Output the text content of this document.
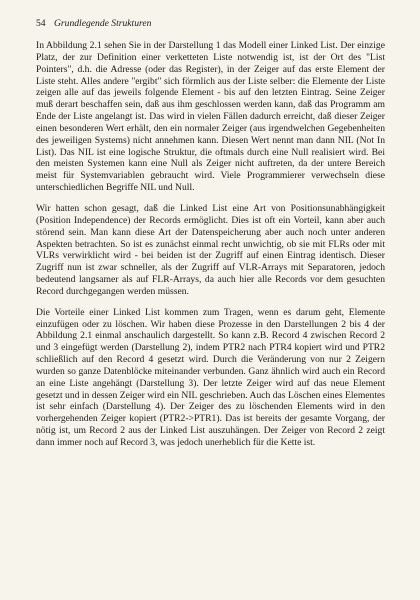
54 Grundlegende Strukturen

In Abbildung 2.1 sehen Sie in der Darstellung 1 das Modell einer Linked List. Der einzige Platz, der zur Definition einer verketteten Liste notwendig ist, ist der Ort des "List Pointers", d.h. die Adresse (oder das Register), in der Zeiger auf das erste Element der Liste steht. Alles andere "ergibt" sich förmlich aus der Liste selber: die Elemente der Liste zeigen alle auf das jeweils folgende Element - bis auf den letzten Eintrag. Seine Zeiger muß derart beschaffen sein, daß aus ihm geschlossen werden kann, daß das Programm am Ende der Liste angelangt ist. Das wird in vielen Fällen dadurch erreicht, daß dieser Zeiger einen besonderen Wert erhält, den ein normaler Zeiger (aus irgendwelchen Gegebenheiten des jeweiligen Systems) nicht annehmen kann. Diesen Wert nennt man dann NIL (Not In List). Das NIL ist eine logische Struktur, die oftmals durch eine Null realisiert wird. Bei den meisten Systemen kann eine Null als Zeiger nicht auftreten, da der untere Bereich meist für Systemvariablen gebraucht wird. Viele Programmierer verwechseln diese unterschiedlichen Begriffe NIL und Null.

Wir hatten schon gesagt, daß die Linked List eine Art von Positionsunabhängigkeit (Position Independence) der Records ermöglicht. Dies ist oft ein Vorteil, kann aber auch störend sein. Man kann diese Art der Datenspeicherung aber auch noch unter anderen Aspekten betrachten. So ist es zunächst einmal recht unwichtig, ob sie mit FLRs oder mit VLRs verwirklicht wird - bei beiden ist der Zugriff auf einen Eintrag identisch. Dieser Zugriff nun ist zwar schneller, als der Zugriff auf VLR-Arrays mit Separatoren, jedoch bedeutend langsamer als auf FLR-Arrays, da auch hier alle Records vor dem gesuchten Record durchgegangen werden müssen.

Die Vorteile einer Linked List kommen zum Tragen, wenn es darum geht, Elemente einzufügen oder zu löschen. Wir haben diese Prozesse in den Darstellungen 2 bis 4 der Abbildung 2.1 einmal anschaulich dargestellt. So kann z.B. Record 4 zwischen Record 2 und 3 eingefügt werden (Darstellung 2), indem PTR2 nach PTR4 kopiert wird und PTR2 schließlich auf den Record 4 gesetzt wird. Durch die Veränderung von nur 2 Zeigern wurden so ganze Datenblöcke miteinander verbunden. Ganz ähnlich wird auch ein Record an eine Liste angehängt (Darstellung 3). Der letzte Zeiger wird auf das neue Element gesetzt und in dessen Zeiger wird ein NIL geschrieben. Auch das Löschen eines Elementes ist sehr einfach (Darstellung 4). Der Zeiger des zu löschenden Elements wird in den vorhergehenden Zeiger kopiert (PTR2->PTR1). Das ist bereits der gesamte Vorgang, der nötig ist, um Record 2 aus der Linked List auszuhängen. Der Zeiger von Record 2 zeigt dann immer noch auf Record 3, was jedoch unerheblich für die Kette ist.
